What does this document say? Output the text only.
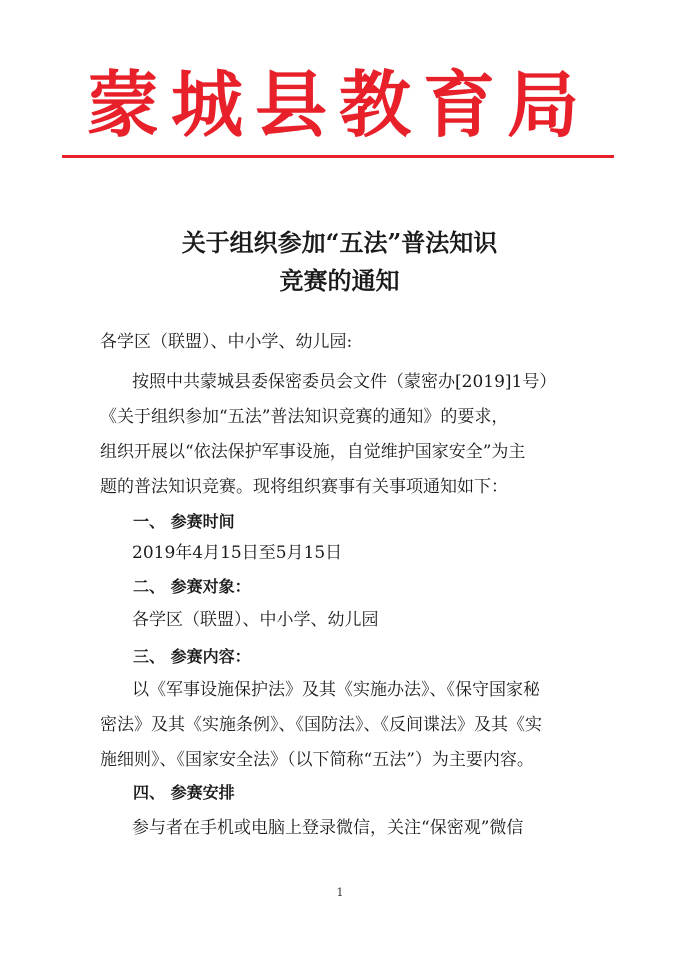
蒙城县教育局
关于组织参加“五法”普法知识
竞赛的通知
各学区（联盟）、中小学、幼儿园:
按照中共蒙城县委保密委员会文件（蒙密办[2019]1号）
《关于组织参加“五法”普法知识竞赛的通知》的要求，
组织开展以“依法保护军事设施，自觉维护国家安全”为主
题的普法知识竞赛。现将组织赛事有关事项通知如下：
一、 参赛时间
2019年4月15日至5月15日
二、 参赛对象：
各学区（联盟）、中小学、幼儿园
三、 参赛内容：
以《军事设施保护法》及其《实施办法》、《保守国家秘
密法》及其《实施条例》、《国防法》、《反间谍法》及其《实
施细则》、《国家安全法》（以下简称“五法”）为主要内容。
四、 参赛安排
参与者在手机或电脑上登录微信，关注“保密观”微信
1
